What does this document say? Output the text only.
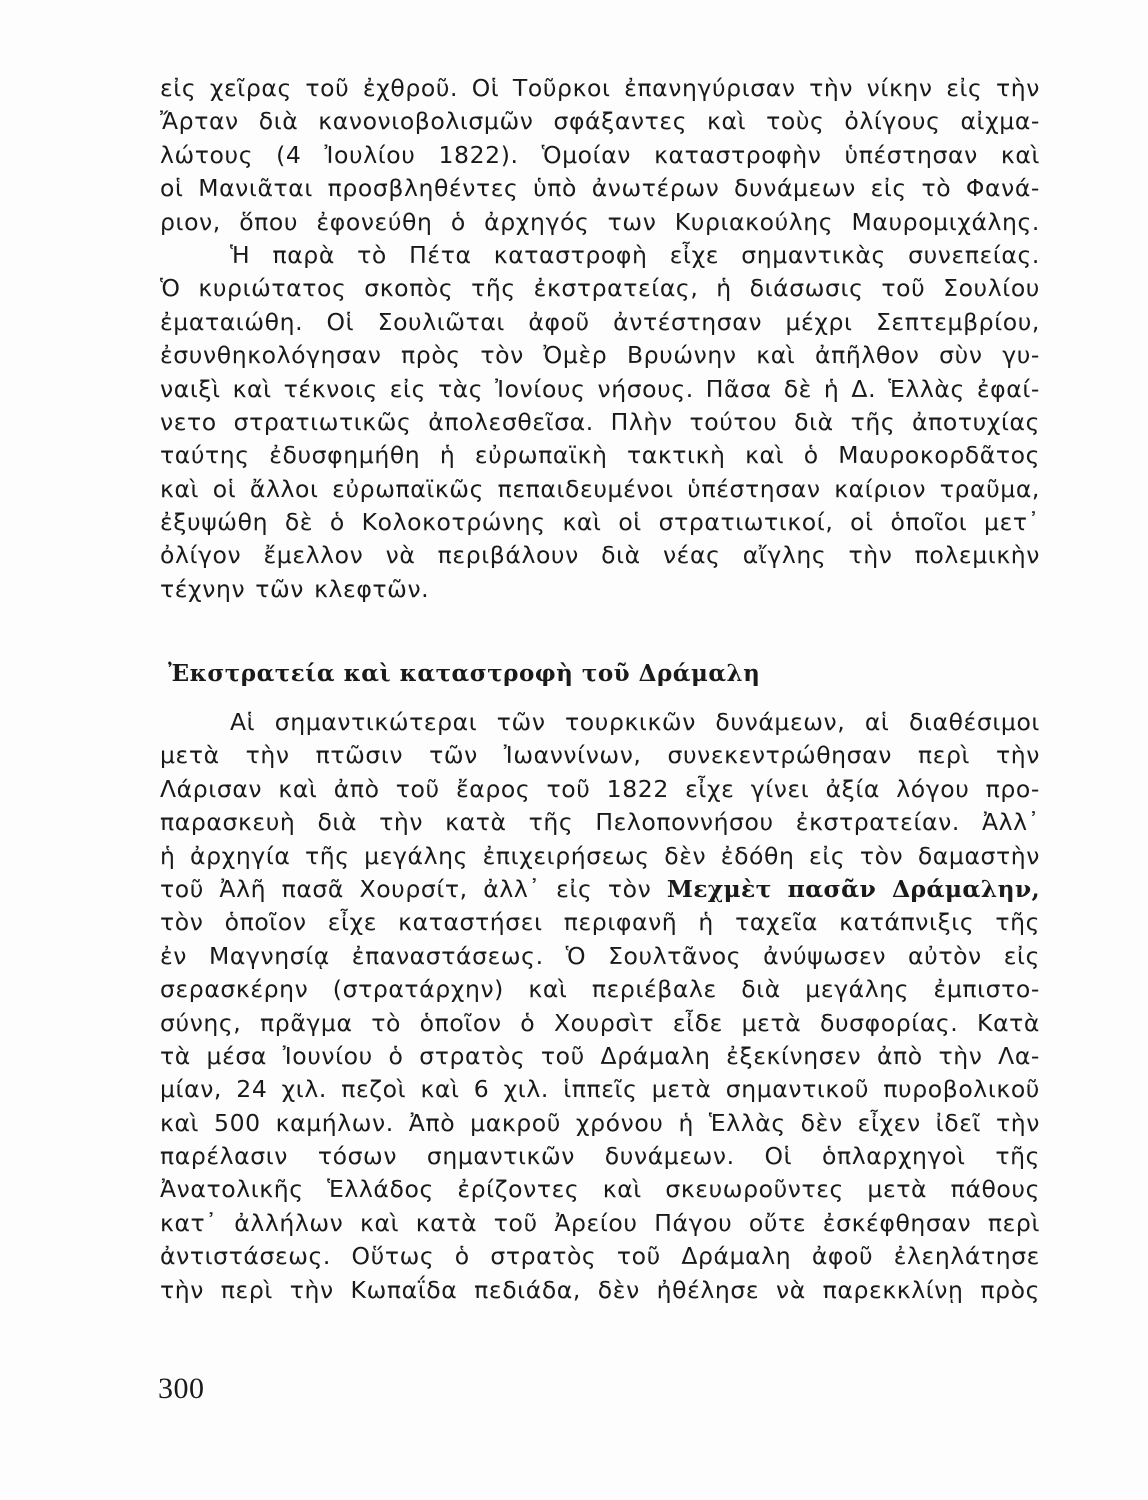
εἰς χεῖρας τοῦ ἐχθροῦ. Οἱ Τοῦρκοι ἐπανηγύρισαν τὴν νίκην εἰς τὴν
Ἄρταν διὰ κανονιοβολισμῶν σφάξαντες καὶ τοὺς ὀλίγους αἰχμα-
λώτους (4 Ἰουλίου 1822). Ὁμοίαν καταστροφὴν ὑπέστησαν καὶ
οἱ Μανιᾶται προσβληθέντες ὑπὸ ἀνωτέρων δυνάμεων εἰς τὸ Φανά-
ριον, ὅπου ἐφονεύθη ὁ ἀρχηγός των Κυριακούλης Μαυρομιχάλης.
Ἡ παρὰ τὸ Πέτα καταστροφὴ εἶχε σημαντικὰς συνεπείας.
Ὁ κυριώτατος σκοπὸς τῆς ἐκστρατείας, ἡ διάσωσις τοῦ Σουλίου
ἐματαιώθη. Οἱ Σουλιῶται ἀφοῦ ἀντέστησαν μέχρι Σεπτεμβρίου,
ἐσυνθηκολόγησαν πρὸς τὸν Ὀμὲρ Βρυώνην καὶ ἀπῆλθον σὺν γυ-
ναιξὶ καὶ τέκνοις εἰς τὰς Ἰονίους νήσους. Πᾶσα δὲ ἡ Δ. Ἑλλὰς ἐφαί-
νετο στρατιωτικῶς ἀπολεσθεῖσα. Πλὴν τούτου διὰ τῆς ἀποτυχίας
ταύτης ἐδυσφημήθη ἡ εὐρωπαϊκὴ τακτικὴ καὶ ὁ Μαυροκορδᾶτος
καὶ οἱ ἄλλοι εὐρωπαϊκῶς πεπαιδευμένοι ὑπέστησαν καίριον τραῦμα,
ἐξυψώθη δὲ ὁ Κολοκοτρώνης καὶ οἱ στρατιωτικοί, οἱ ὁποῖοι μετ᾽
ὀλίγον ἔμελλον νὰ περιβάλουν διὰ νέας αἴγλης τὴν πολεμικὴν
τέχνην τῶν κλεφτῶν.
Ἐκστρατεία καὶ καταστροφὴ τοῦ Δράμαλη
Αἱ σημαντικώτεραι τῶν τουρκικῶν δυνάμεων, αἱ διαθέσιμοι
μετὰ τὴν πτῶσιν τῶν Ἰωαννίνων, συνεκεντρώθησαν περὶ τὴν
Λάρισαν καὶ ἀπὸ τοῦ ἔαρος τοῦ 1822 εἶχε γίνει ἀξία λόγου προ-
παρασκευὴ διὰ τὴν κατὰ τῆς Πελοποννήσου ἐκστρατείαν. Ἀλλ᾽
ἡ ἀρχηγία τῆς μεγάλης ἐπιχειρήσεως δὲν ἐδόθη εἰς τὸν δαμαστὴν
τοῦ Ἀλῆ πασᾶ Χουρσίτ, ἀλλ᾽ εἰς τὸν Μεχμὲτ πασᾶν Δράμαλην,
τὸν ὁποῖον εἶχε καταστήσει περιφανῆ ἡ ταχεῖα κατάπνιξις τῆς
ἐν Μαγνησίᾳ ἐπαναστάσεως. Ὁ Σουλτᾶνος ἀνύψωσεν αὐτὸν εἰς
σερασκέρην (στρατάρχην) καὶ περιέβαλε διὰ μεγάλης ἐμπιστο-
σύνης, πρᾶγμα τὸ ὁποῖον ὁ Χουρσὶτ εἶδε μετὰ δυσφορίας. Κατὰ
τὰ μέσα Ἰουνίου ὁ στρατὸς τοῦ Δράμαλη ἐξεκίνησεν ἀπὸ τὴν Λα-
μίαν, 24 χιλ. πεζοὶ καὶ 6 χιλ. ἱππεῖς μετὰ σημαντικοῦ πυροβολικοῦ
καὶ 500 καμήλων. Ἀπὸ μακροῦ χρόνου ἡ Ἑλλὰς δὲν εἶχεν ἰδεῖ τὴν
παρέλασιν τόσων σημαντικῶν δυνάμεων. Οἱ ὁπλαρχηγοὶ τῆς
Ἀνατολικῆς Ἑλλάδος ἐρίζοντες καὶ σκευωροῦντες μετὰ πάθους
κατ᾽ ἀλλήλων καὶ κατὰ τοῦ Ἀρείου Πάγου οὔτε ἐσκέφθησαν περὶ
ἀντιστάσεως. Οὕτως ὁ στρατὸς τοῦ Δράμαλη ἀφοῦ ἐλεηλάτησε
τὴν περὶ τὴν Κωπαΐδα πεδιάδα, δὲν ἠθέλησε νὰ παρεκκλίνῃ πρὸς
300
